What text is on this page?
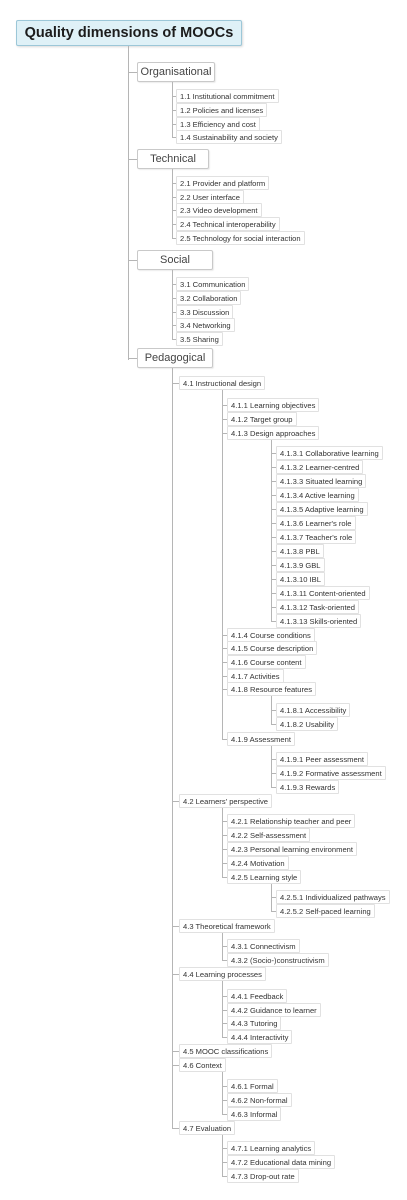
Quality dimensions of MOOCs
Organisational
1.1 Institutional commitment
1.2 Policies and licenses
1.3 Efficiency and cost
1.4 Sustainability and society
Technical
2.1 Provider and platform
2.2 User interface
2.3 Video development
2.4 Technical interoperability
2.5 Technology for social interaction
Social
3.1 Communication
3.2 Collaboration
3.3 Discussion
3.4 Networking
3.5 Sharing
Pedagogical
4.1 Instructional design
4.1.1 Learning objectives
4.1.2 Target group
4.1.3 Design approaches
4.1.3.1 Collaborative learning
4.1.3.2 Learner-centred
4.1.3.3 Situated learning
4.1.3.4 Active learning
4.1.3.5 Adaptive learning
4.1.3.6 Learner's role
4.1.3.7 Teacher's role
4.1.3.8 PBL
4.1.3.9 GBL
4.1.3.10 IBL
4.1.3.11 Content-oriented
4.1.3.12 Task-oriented
4.1.3.13 Skills-oriented
4.1.4 Course conditions
4.1.5 Course description
4.1.6 Course content
4.1.7 Activities
4.1.8 Resource features
4.1.8.1 Accessibility
4.1.8.2 Usability
4.1.9 Assessment
4.1.9.1 Peer assessment
4.1.9.2 Formative assessment
4.1.9.3 Rewards
4.2 Learners' perspective
4.2.1 Relationship teacher and peer
4.2.2 Self-assessment
4.2.3 Personal learning environment
4.2.4 Motivation
4.2.5 Learning style
4.2.5.1 Individualized pathways
4.2.5.2 Self-paced learning
4.3 Theoretical framework
4.3.1 Connectivism
4.3.2 (Socio-)constructivism
4.4 Learning processes
4.4.1 Feedback
4.4.2 Guidance to learner
4.4.3 Tutoring
4.4.4 Interactivity
4.5 MOOC classifications
4.6 Context
4.6.1 Formal
4.6.2 Non-formal
4.6.3 Informal
4.7 Evaluation
4.7.1 Learning analytics
4.7.2 Educational data mining
4.7.3 Drop-out rate
